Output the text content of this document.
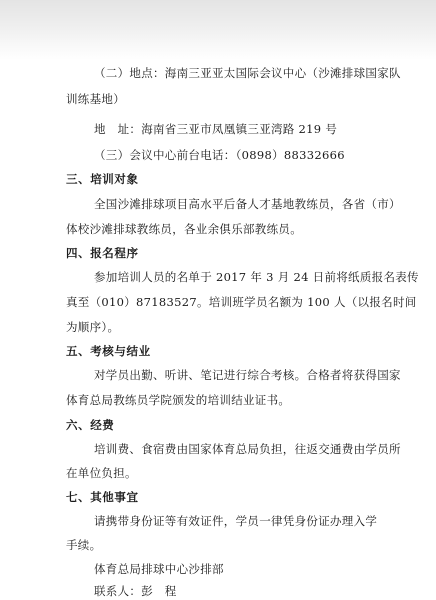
（二）地点：海南三亚亚太国际会议中心（沙滩排球国家队
训练基地）
地　址：海南省三亚市凤凰镇三亚湾路 219 号
（三）会议中心前台电话：（0898）88332666
三、培训对象
全国沙滩排球项目高水平后备人才基地教练员，各省（市）
体校沙滩排球教练员，各业余俱乐部教练员。
四、报名程序
参加培训人员的名单于 2017 年 3 月 24 日前将纸质报名表传
真至（010）87183527。培训班学员名额为 100 人（以报名时间
为顺序）。
五、考核与结业
对学员出勤、听讲、笔记进行综合考核。合格者将获得国家
体育总局教练员学院颁发的培训结业证书。
六、经费
培训费、食宿费由国家体育总局负担，往返交通费由学员所
在单位负担。
七、其他事宜
请携带身份证等有效证件，学员一律凭身份证办理入学
手续。
体育总局排球中心沙排部
联系人：彭　程
